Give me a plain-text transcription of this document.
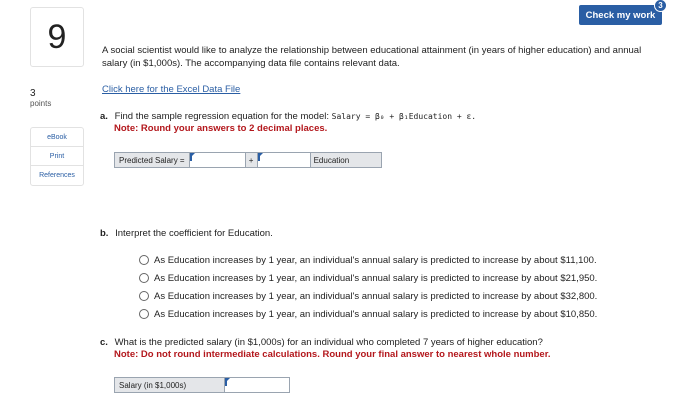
Check my work
3
9
3
points
eBook
Print
References
A social scientist would like to analyze the relationship between educational attainment (in years of higher education) and annual salary (in $1,000s). The accompanying data file contains relevant data.
Click here for the Excel Data File
a. Find the sample regression equation for the model: Salary = β₀ + β₁Education + ε.
Note: Round your answers to 2 decimal places.
Predicted Salary =	+	Education
b. Interpret the coefficient for Education.
As Education increases by 1 year, an individual's annual salary is predicted to increase by about $11,100.
As Education increases by 1 year, an individual's annual salary is predicted to increase by about $21,950.
As Education increases by 1 year, an individual's annual salary is predicted to increase by about $32,800.
As Education increases by 1 year, an individual's annual salary is predicted to increase by about $10,850.
c. What is the predicted salary (in $1,000s) for an individual who completed 7 years of higher education?
Note: Do not round intermediate calculations. Round your final answer to nearest whole number.
Salary (in $1,000s)
